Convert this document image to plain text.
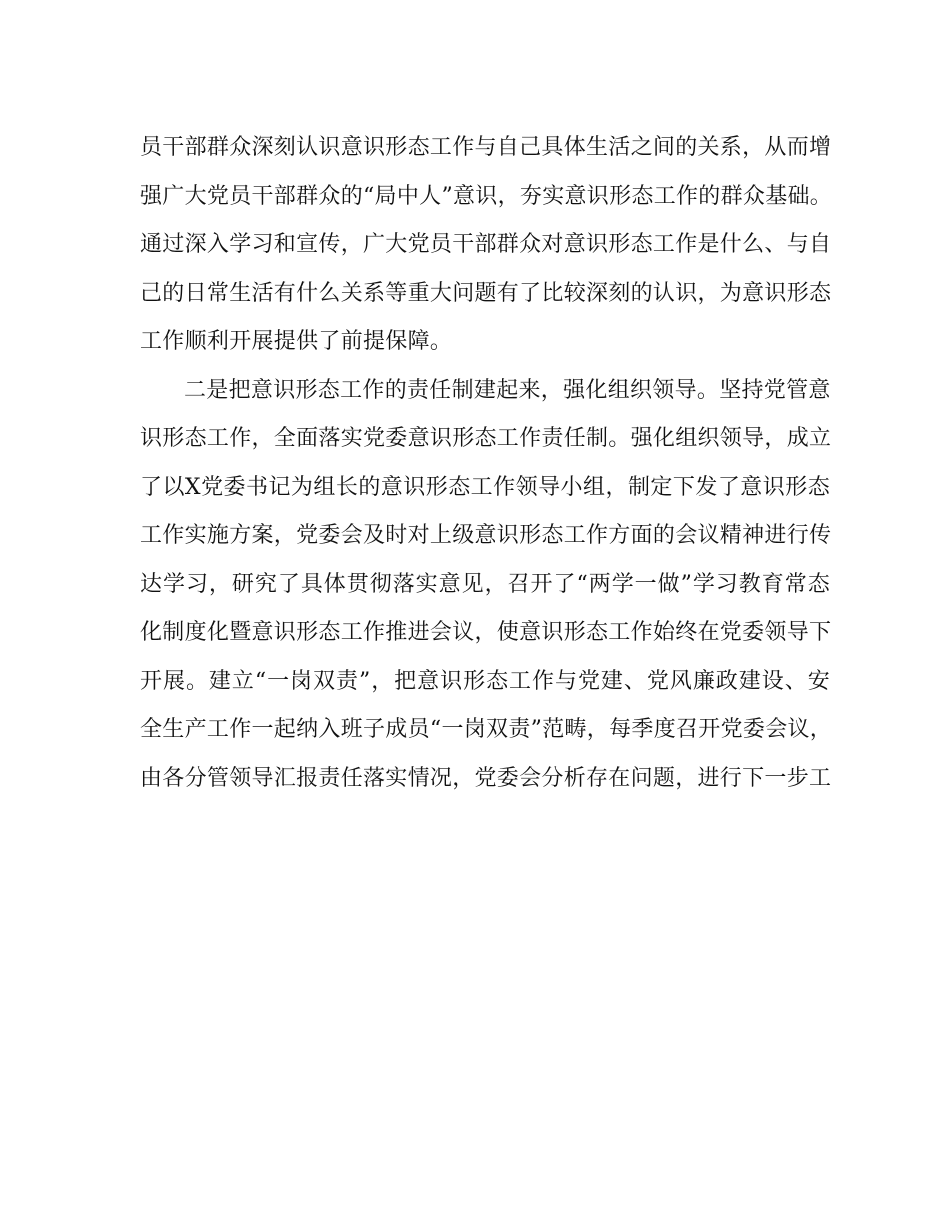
员干部群众深刻认识意识形态工作与自己具体生活之间的关系，从而增
强广大党员干部群众的“局中人”意识，夯实意识形态工作的群众基础。
通过深入学习和宣传，广大党员干部群众对意识形态工作是什么、与自
己的日常生活有什么关系等重大问题有了比较深刻的认识，为意识形态
工作顺利开展提供了前提保障。
二是把意识形态工作的责任制建起来，强化组织领导。坚持党管意
识形态工作，全面落实党委意识形态工作责任制。强化组织领导，成立
了以X党委书记为组长的意识形态工作领导小组，制定下发了意识形态
工作实施方案，党委会及时对上级意识形态工作方面的会议精神进行传
达学习，研究了具体贯彻落实意见，召开了“两学一做”学习教育常态
化制度化暨意识形态工作推进会议，使意识形态工作始终在党委领导下
开展。建立“一岗双责”，把意识形态工作与党建、党风廉政建设、安
全生产工作一起纳入班子成员“一岗双责”范畴，每季度召开党委会议，
由各分管领导汇报责任落实情况，党委会分析存在问题，进行下一步工
